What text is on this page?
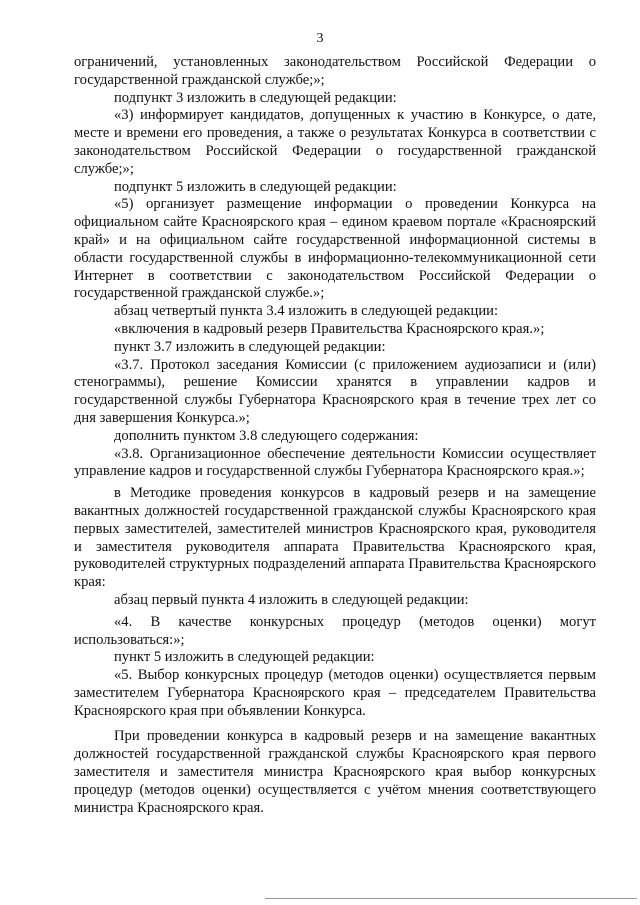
3

ограничений, установленных законодательством Российской Федерации о государственной гражданской службе;»;

подпункт 3 изложить в следующей редакции:

«3) информирует кандидатов, допущенных к участию в Конкурсе, о дате, месте и времени его проведения, а также о результатах Конкурса в соответствии с законодательством Российской Федерации о государственной гражданской службе;»;

подпункт 5 изложить в следующей редакции:

«5) организует размещение информации о проведении Конкурса на официальном сайте Красноярского края – едином краевом портале «Красноярский край» и на официальном сайте государственной информационной системы в области государственной службы в информационно-телекоммуникационной сети Интернет в соответствии с законодательством Российской Федерации о государственной гражданской службе.»;

абзац четвертый пункта 3.4 изложить в следующей редакции:

«включения в кадровый резерв Правительства Красноярского края.»;

пункт 3.7 изложить в следующей редакции:

«3.7. Протокол заседания Комиссии (с приложением аудиозаписи и (или) стенограммы), решение Комиссии хранятся в управлении кадров и государственной службы Губернатора Красноярского края в течение трех лет со дня завершения Конкурса.»;

дополнить пунктом 3.8 следующего содержания:

«3.8. Организационное обеспечение деятельности Комиссии осуществляет управление кадров и государственной службы Губернатора Красноярского края.»;

в Методике проведения конкурсов в кадровый резерв и на замещение вакантных должностей государственной гражданской службы Красноярского края первых заместителей, заместителей министров Красноярского края, руководителя и заместителя руководителя аппарата Правительства Красноярского края, руководителей структурных подразделений аппарата Правительства Красноярского края:

абзац первый пункта 4 изложить в следующей редакции:

«4. В качестве конкурсных процедур (методов оценки) могут использоваться:»;

пункт 5 изложить в следующей редакции:

«5. Выбор конкурсных процедур (методов оценки) осуществляется первым заместителем Губернатора Красноярского края – председателем Правительства Красноярского края при объявлении Конкурса.

При проведении конкурса в кадровый резерв и на замещение вакантных должностей государственной гражданской службы Красноярского края первого заместителя и заместителя министра Красноярского края выбор конкурсных процедур (методов оценки) осуществляется с учётом мнения соответствующего министра Красноярского края.
